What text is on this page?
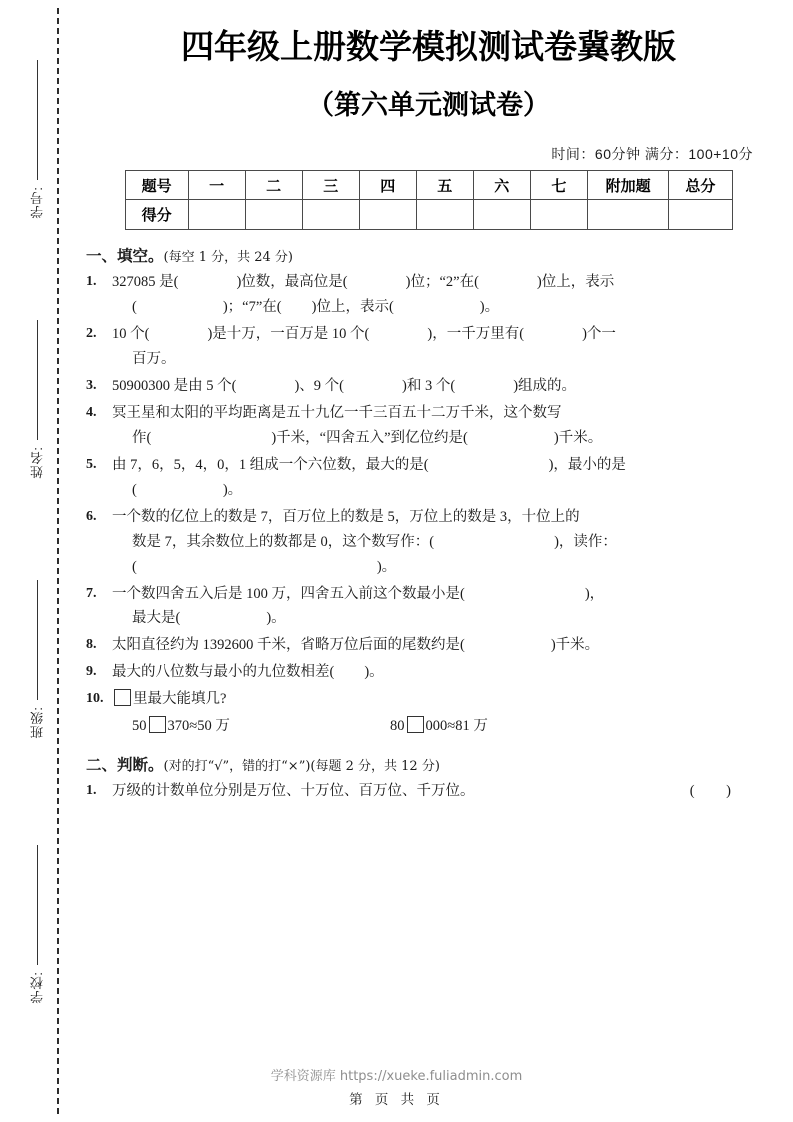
学号:
姓名:
班级:
学校:
四年级上册数学模拟测试卷冀教版
（第六单元测试卷）
时间：60分钟 满分：100+10分
题号	一	二	三	四	五	六	七	附加题	总分
得分									
一、填空。(每空 1 分，共 24 分)
1. 327085 是(	)位数，最高位是(	)位；“2”在(	)位上，表示
(	)；“7”在( )位上，表示(	)。
2. 10 个(	)是十万，一百万是 10 个(	)，一千万里有(	)个一
百万。
3. 50900300 是由 5 个(	)、9 个(	)和 3 个(	)组成的。
4. 冥王星和太阳的平均距离是五十九亿一千三百五十二万千米，这个数写
作(	)千米，“四舍五入”到亿位约是(	)千米。
5. 由 7，6，5，4，0，1 组成一个六位数，最大的是(	)，最小的是
(	)。
6. 一个数的亿位上的数是 7，百万位上的数是 5，万位上的数是 3，十位上的
数是 7，其余数位上的数都是 0，这个数写作：(	)，读作：
(	)。
7. 一个数四舍五入后是 100 万，四舍五入前这个数最小是(	)，
最大是(	)。
8. 太阳直径约为 1392600 千米，省略万位后面的尾数约是(	)千米。
9. 最大的八位数与最小的九位数相差( )。
10.	里最大能填几?
50 370≈50 万	80 000≈81 万
二、判断。(对的打“√”，错的打“×”)(每题 2 分，共 12 分)
1.	( )
万级的计数单位分别是万位、十万位、百万位、千万位。
学科资源库 https://xueke.fuliadmin.com
第 页 共 页
